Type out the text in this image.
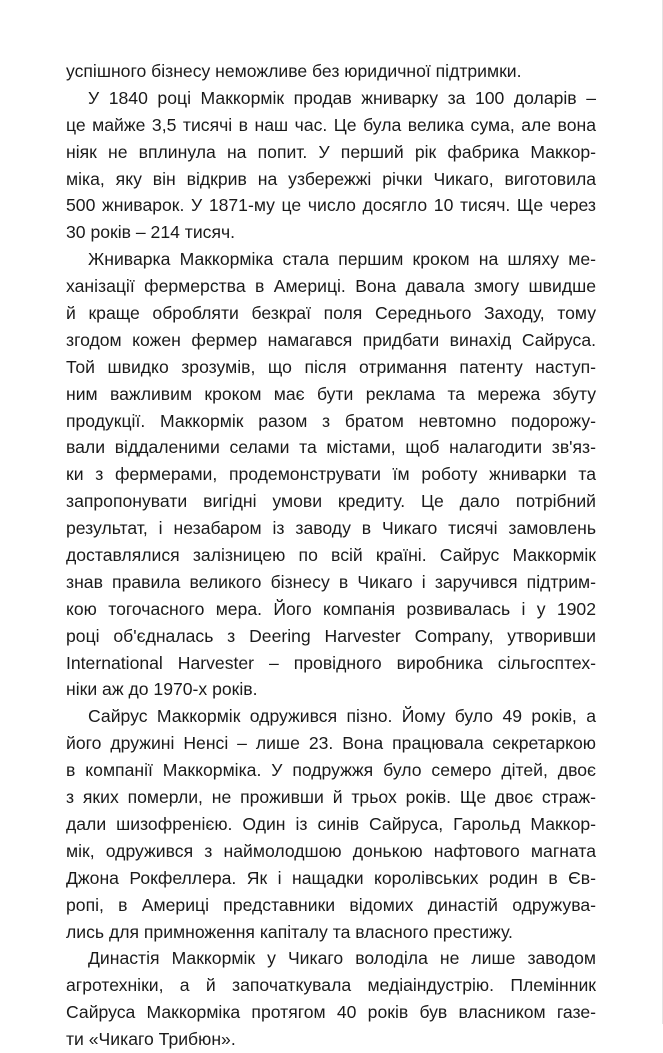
успішного бізнесу неможливе без юридичної підтримки.
У 1840 році Маккормік продав жниварку за 100 доларів –
це майже 3,5 тисячі в наш час. Це була велика сума, але вона
ніяк не вплинула на попит. У перший рік фабрика Маккор-
міка, яку він відкрив на узбережжі річки Чикаго, виготовила
500 жниварок. У 1871-му це число досягло 10 тисяч. Ще через
30 років – 214 тисяч.
Жниварка Маккорміка стала першим кроком на шляху ме-
ханізації фермерства в Америці. Вона давала змогу швидше
й краще обробляти безкраї поля Середнього Заходу, тому
згодом кожен фермер намагався придбати винахід Сайруса.
Той швидко зрозумів, що після отримання патенту наступ-
ним важливим кроком має бути реклама та мережа збуту
продукції. Маккормік разом з братом невтомно подорожу-
вали віддаленими селами та містами, щоб налагодити зв'яз-
ки з фермерами, продемонструвати їм роботу жниварки та
запропонувати вигідні умови кредиту. Це дало потрібний
результат, і незабаром із заводу в Чикаго тисячі замовлень
доставлялися залізницею по всій країні. Сайрус Маккормік
знав правила великого бізнесу в Чикаго і заручився підтрим-
кою тогочасного мера. Його компанія розвивалась і у 1902
році об'єдналась з Deering Harvester Company, утворивши
International Harvester – провідного виробника сільгосптех-
ніки аж до 1970-х років.
Сайрус Маккормік одружився пізно. Йому було 49 років, а
його дружині Ненсі – лише 23. Вона працювала секретаркою
в компанії Маккорміка. У подружжя було семеро дітей, двоє
з яких померли, не проживши й трьох років. Ще двоє страж-
дали шизофренією. Один із синів Сайруса, Гарольд Маккор-
мік, одружився з наймолодшою донькою нафтового магната
Джона Рокфеллера. Як і нащадки королівських родин в Єв-
ропі, в Америці представники відомих династій одружува-
лись для примноження капіталу та власного престижу.
Династія Маккормік у Чикаго володіла не лише заводом
агротехніки, а й започаткувала медіаіндустрію. Племінник
Сайруса Маккорміка протягом 40 років був власником газе-
ти «Чикаго Трибюн».
